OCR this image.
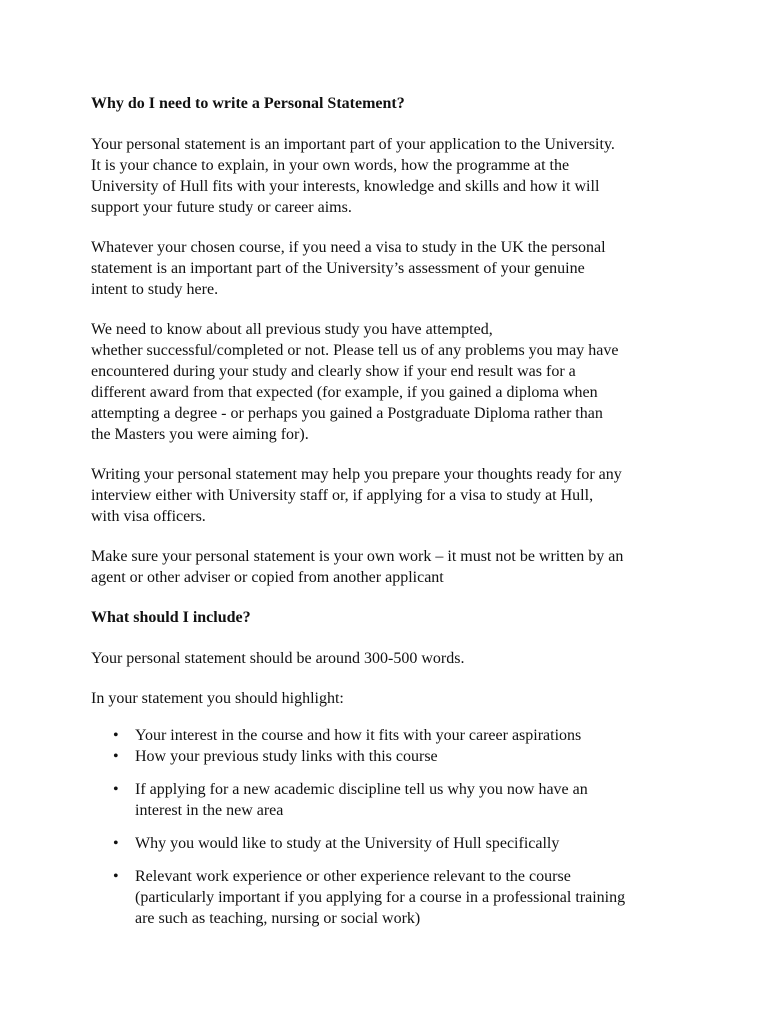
Why do I need to write a Personal Statement?
Your personal statement is an important part of your application to the University.
It is your chance to explain, in your own words, how the programme at the
University of Hull fits with your interests, knowledge and skills and how it will
support your future study or career aims.
Whatever your chosen course, if you need a visa to study in the UK the personal
statement is an important part of the University’s assessment of your genuine
intent to study here.
We need to know about all previous study you have attempted,
whether successful/completed or not. Please tell us of any problems you may have
encountered during your study and clearly show if your end result was for a
different award from that expected (for example, if you gained a diploma when
attempting a degree - or perhaps you gained a Postgraduate Diploma rather than
the Masters you were aiming for).
Writing your personal statement may help you prepare your thoughts ready for any
interview either with University staff or, if applying for a visa to study at Hull,
with visa officers.
Make sure your personal statement is your own work – it must not be written by an
agent or other adviser or copied from another applicant
What should I include?
Your personal statement should be around 300-500 words.
In your statement you should highlight:
• Your interest in the course and how it fits with your career aspirations
• How your previous study links with this course
• If applying for a new academic discipline tell us why you now have an
interest in the new area
• Why you would like to study at the University of Hull specifically
• Relevant work experience or other experience relevant to the course
(particularly important if you applying for a course in a professional training
are such as teaching, nursing or social work)
